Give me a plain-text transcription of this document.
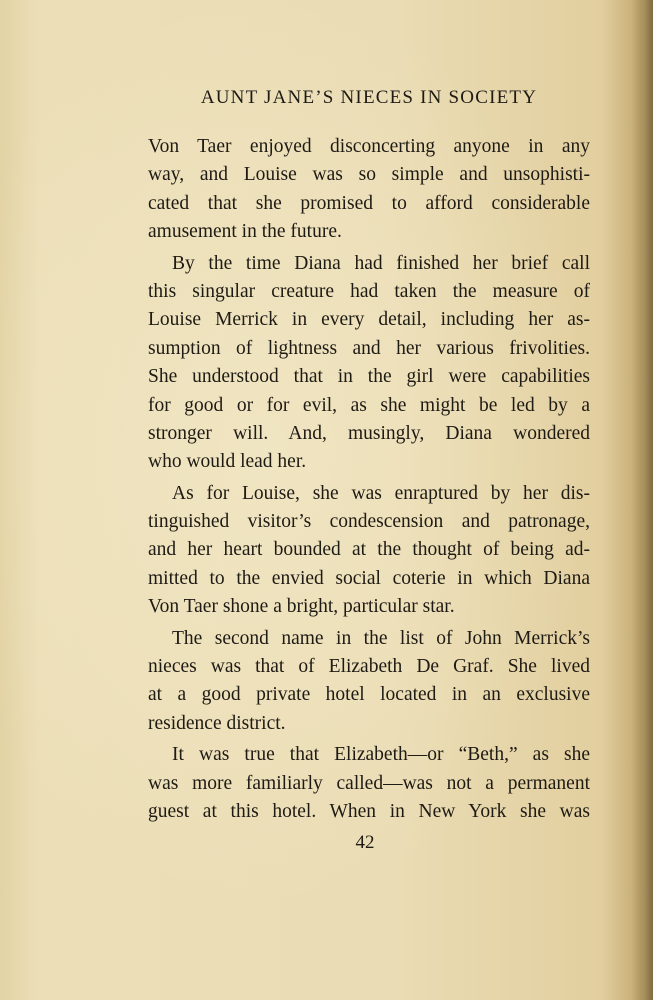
AUNT JANE’S NIECES IN SOCIETY
Von Taer enjoyed disconcerting anyone in any
way, and Louise was so simple and unsophisti-
cated that she promised to afford considerable
amusement in the future.
By the time Diana had finished her brief call
this singular creature had taken the measure of
Louise Merrick in every detail, including her as-
sumption of lightness and her various frivolities.
She understood that in the girl were capabilities
for good or for evil, as she might be led by a
stronger will. And, musingly, Diana wondered
who would lead her.
As for Louise, she was enraptured by her dis-
tinguished visitor’s condescension and patronage,
and her heart bounded at the thought of being ad-
mitted to the envied social coterie in which Diana
Von Taer shone a bright, particular star.
The second name in the list of John Merrick’s
nieces was that of Elizabeth De Graf. She lived
at a good private hotel located in an exclusive
residence district.
It was true that Elizabeth—or “Beth,” as she
was more familiarly called—was not a permanent
guest at this hotel. When in New York she was
42
